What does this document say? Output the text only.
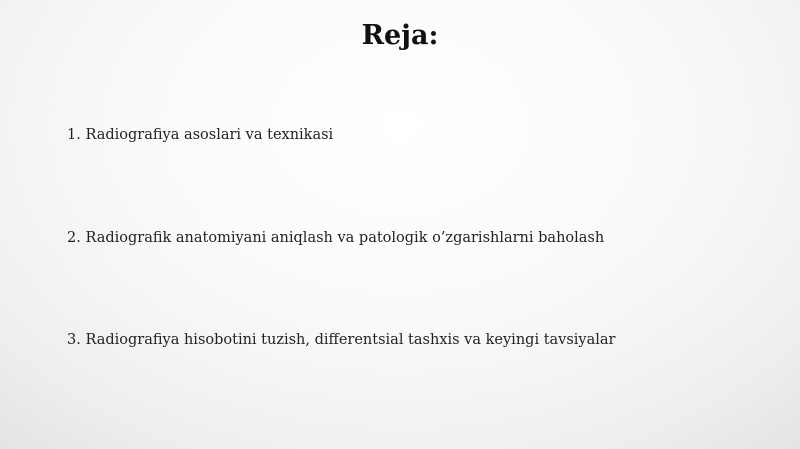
Reja:
1. Radiografiya asoslari va texnikasi
2. Radiografik anatomiyani aniqlash va patologik o’zgarishlarni baholash
3. Radiografiya hisobotini tuzish, differentsial tashxis va keyingi tavsiyalar
